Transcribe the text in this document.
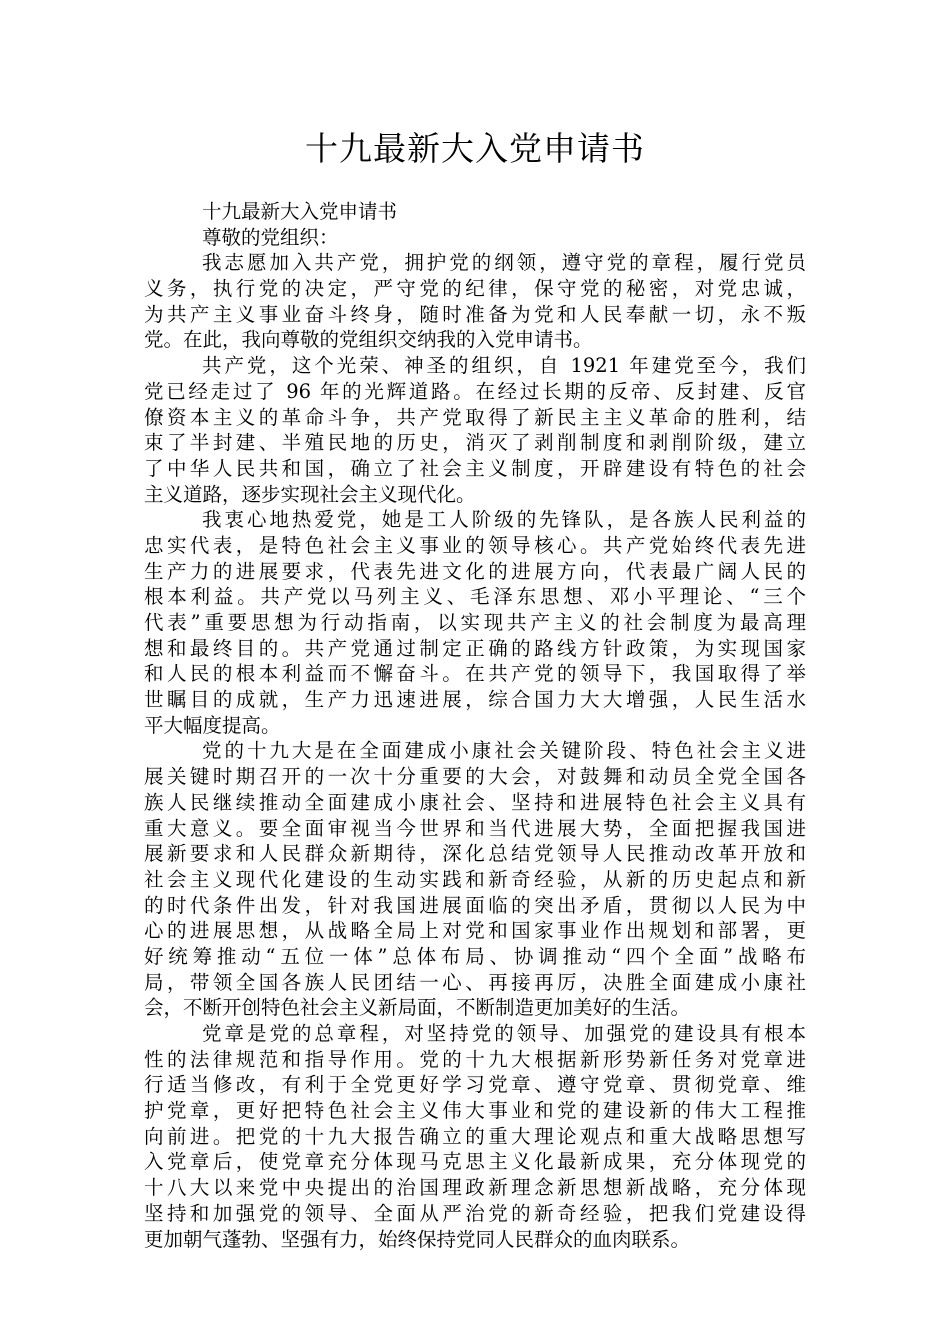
十九最新大入党申请书
十九最新大入党申请书
尊敬的党组织：
我志愿加入共产党，拥护党的纲领，遵守党的章程，履行党员
义务，执行党的决定，严守党的纪律，保守党的秘密，对党忠诚，
为共产主义事业奋斗终身，随时准备为党和人民奉献一切，永不叛
党。在此，我向尊敬的党组织交纳我的入党申请书。
共产党，这个光荣、神圣的组织，自 1921 年建党至今，我们
党已经走过了 96 年的光辉道路。在经过长期的反帝、反封建、反官
僚资本主义的革命斗争，共产党取得了新民主主义革命的胜利，结
束了半封建、半殖民地的历史，消灭了剥削制度和剥削阶级，建立
了中华人民共和国，确立了社会主义制度，开辟建设有特色的社会
主义道路，逐步实现社会主义现代化。
我衷心地热爱党，她是工人阶级的先锋队，是各族人民利益的
忠实代表，是特色社会主义事业的领导核心。共产党始终代表先进
生产力的进展要求，代表先进文化的进展方向，代表最广阔人民的
根本利益。共产党以马列主义、毛泽东思想、邓小平理论、“三个
代表”重要思想为行动指南，以实现共产主义的社会制度为最高理
想和最终目的。共产党通过制定正确的路线方针政策，为实现国家
和人民的根本利益而不懈奋斗。在共产党的领导下，我国取得了举
世瞩目的成就，生产力迅速进展，综合国力大大增强，人民生活水
平大幅度提高。
党的十九大是在全面建成小康社会关键阶段、特色社会主义进
展关键时期召开的一次十分重要的大会，对鼓舞和动员全党全国各
族人民继续推动全面建成小康社会、坚持和进展特色社会主义具有
重大意义。要全面审视当今世界和当代进展大势，全面把握我国进
展新要求和人民群众新期待，深化总结党领导人民推动改革开放和
社会主义现代化建设的生动实践和新奇经验，从新的历史起点和新
的时代条件出发，针对我国进展面临的突出矛盾，贯彻以人民为中
心的进展思想，从战略全局上对党和国家事业作出规划和部署，更
好统筹推动“五位一体”总体布局、协调推动“四个全面”战略布
局，带领全国各族人民团结一心、再接再厉，决胜全面建成小康社
会，不断开创特色社会主义新局面，不断制造更加美好的生活。
党章是党的总章程，对坚持党的领导、加强党的建设具有根本
性的法律规范和指导作用。党的十九大根据新形势新任务对党章进
行适当修改，有利于全党更好学习党章、遵守党章、贯彻党章、维
护党章，更好把特色社会主义伟大事业和党的建设新的伟大工程推
向前进。把党的十九大报告确立的重大理论观点和重大战略思想写
入党章后，使党章充分体现马克思主义化最新成果，充分体现党的
十八大以来党中央提出的治国理政新理念新思想新战略，充分体现
坚持和加强党的领导、全面从严治党的新奇经验，把我们党建设得
更加朝气蓬勃、坚强有力，始终保持党同人民群众的血肉联系。
